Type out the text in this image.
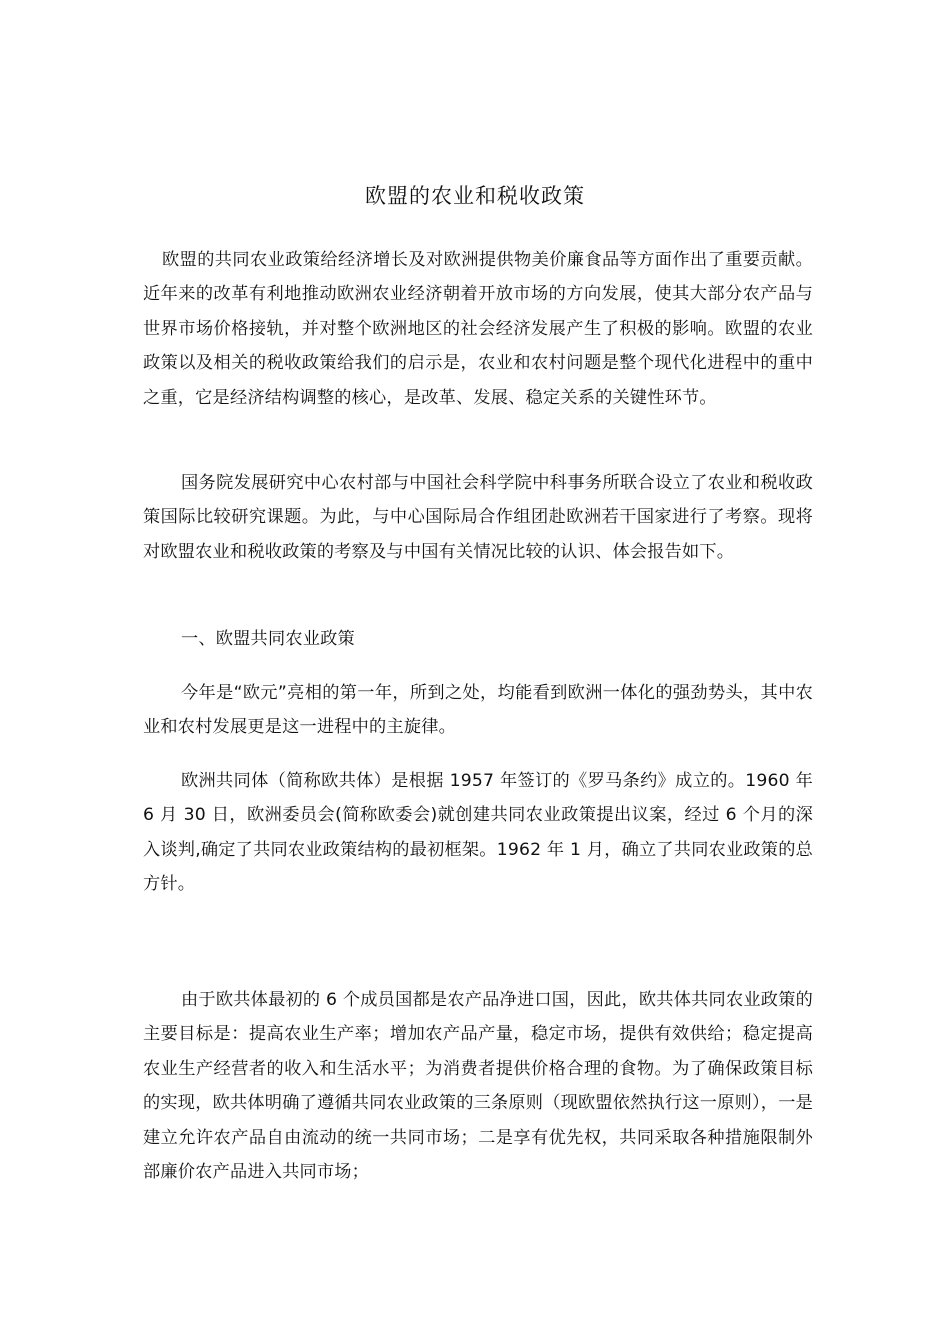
欧盟的农业和税收政策

欧盟的共同农业政策给经济增长及对欧洲提供物美价廉食品等方面作出了重要贡献。近年来的改革有利地推动欧洲农业经济朝着开放市场的方向发展，使其大部分农产品与世界市场价格接轨，并对整个欧洲地区的社会经济发展产生了积极的影响。欧盟的农业政策以及相关的税收政策给我们的启示是，农业和农村问题是整个现代化进程中的重中之重，它是经济结构调整的核心，是改革、发展、稳定关系的关键性环节。

国务院发展研究中心农村部与中国社会科学院中科事务所联合设立了农业和税收政策国际比较研究课题。为此，与中心国际局合作组团赴欧洲若干国家进行了考察。现将对欧盟农业和税收政策的考察及与中国有关情况比较的认识、体会报告如下。

一、欧盟共同农业政策

今年是“欧元”亮相的第一年，所到之处，均能看到欧洲一体化的强劲势头，其中农业和农村发展更是这一进程中的主旋律。

欧洲共同体（简称欧共体）是根据 1957 年签订的《罗马条约》成立的。1960 年 6 月 30 日，欧洲委员会(简称欧委会)就创建共同农业政策提出议案，经过 6 个月的深入谈判,确定了共同农业政策结构的最初框架。1962 年 1 月，确立了共同农业政策的总方针。

由于欧共体最初的 6 个成员国都是农产品净进口国，因此，欧共体共同农业政策的主要目标是：提高农业生产率；增加农产品产量，稳定市场，提供有效供给；稳定提高农业生产经营者的收入和生活水平；为消费者提供价格合理的食物。为了确保政策目标的实现，欧共体明确了遵循共同农业政策的三条原则（现欧盟依然执行这一原则），一是建立允许农产品自由流动的统一共同市场；二是享有优先权，共同采取各种措施限制外部廉价农产品进入共同市场；
